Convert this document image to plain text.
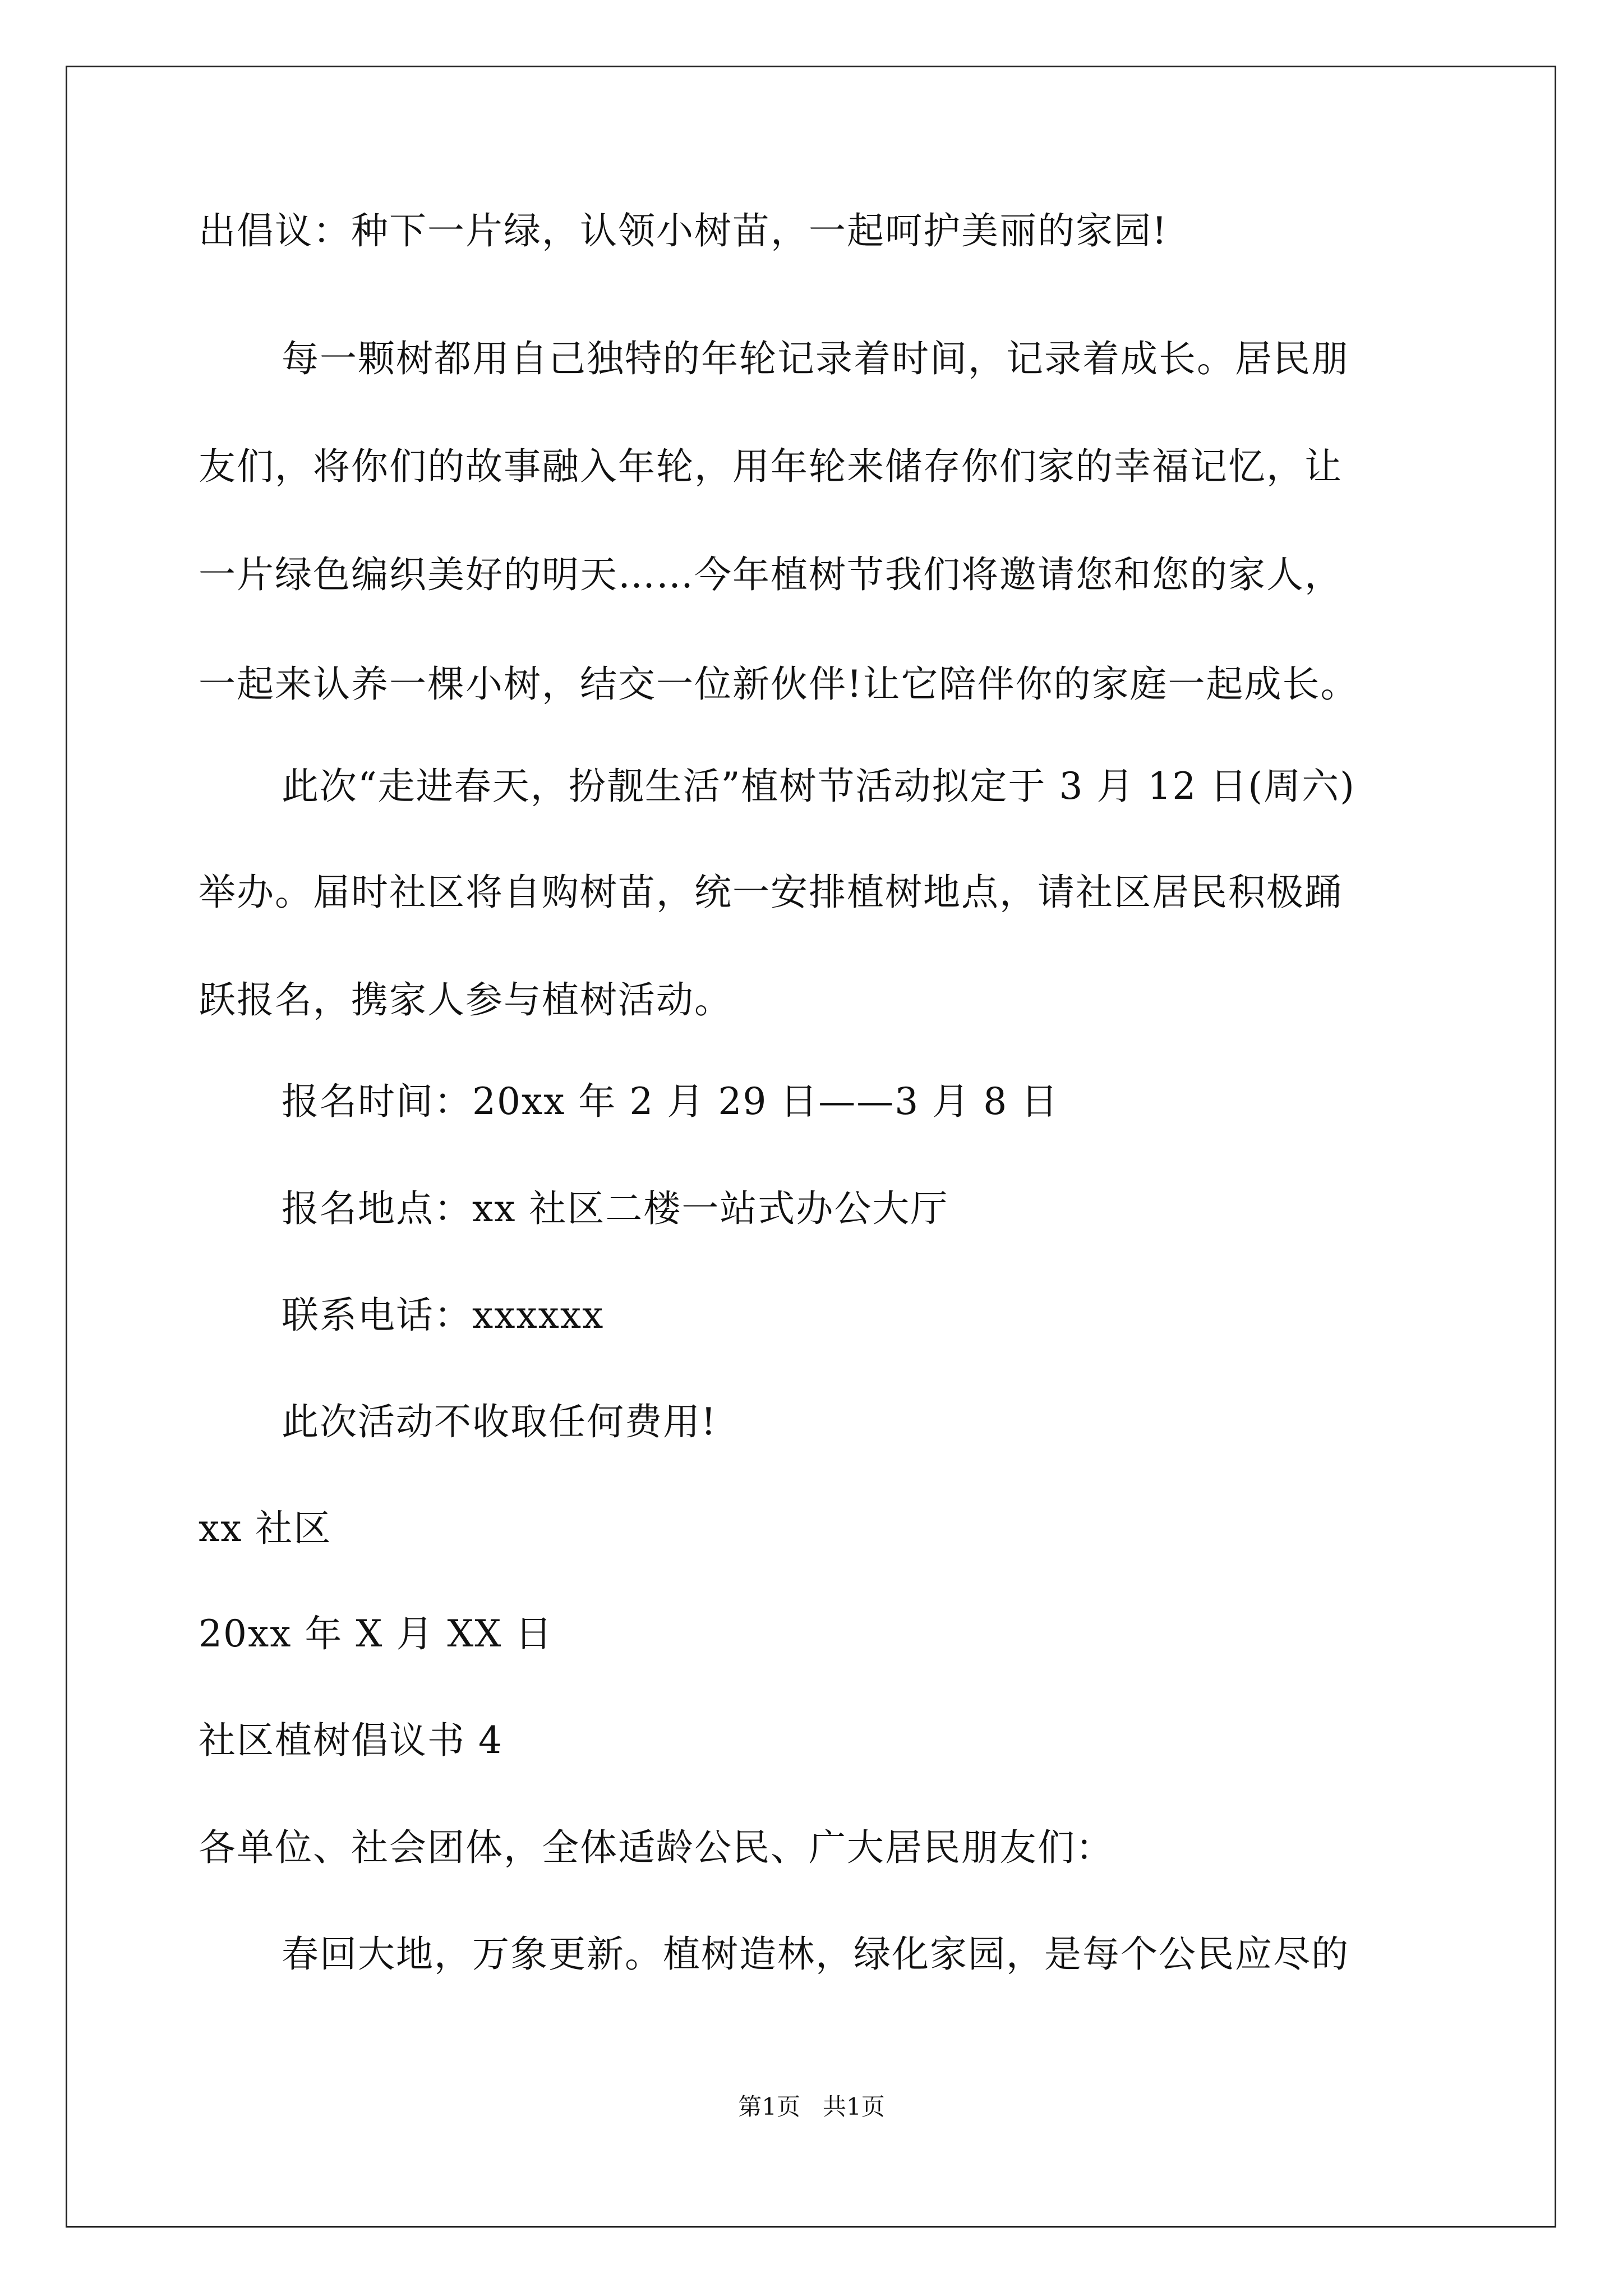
出倡议：种下一片绿，认领小树苗，一起呵护美丽的家园!
每一颗树都用自己独特的年轮记录着时间，记录着成长。居民朋
友们，将你们的故事融入年轮，用年轮来储存你们家的幸福记忆，让
一片绿色编织美好的明天……今年植树节我们将邀请您和您的家人，
一起来认养一棵小树，结交一位新伙伴!让它陪伴你的家庭一起成长。
此次“走进春天，扮靓生活”植树节活动拟定于 3 月 12 日(周六)
举办。届时社区将自购树苗，统一安排植树地点，请社区居民积极踊
跃报名，携家人参与植树活动。
报名时间：20xx 年 2 月 29 日——3 月 8 日
报名地点：xx 社区二楼一站式办公大厅
联系电话：xxxxxx
此次活动不收取任何费用!
xx 社区
20xx 年 X 月 XX 日
社区植树倡议书 4
各单位、社会团体，全体适龄公民、广大居民朋友们：
春回大地，万象更新。植树造林，绿化家园，是每个公民应尽的
第1页   共1页
